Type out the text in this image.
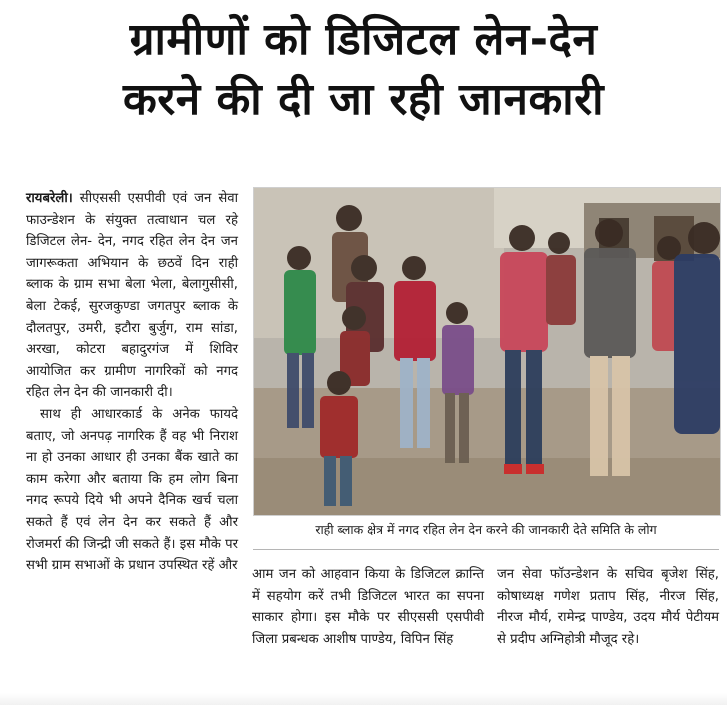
ग्रामीणों को डिजिटल लेन-देन
करने की दी जा रही जानकारी

रायबरेली। सीएससी एसपीवी एवं जन सेवा फाउन्डेशन के संयुक्त तत्वाधान चल रहे डिजिटल लेन- देन, नगद रहित लेन देन जन जागरूकता अभियान के छठवें दिन राही ब्लाक के ग्राम सभा बेला भेला, बेलागुसीसी, बेला टेकई, सुरजकुण्डा जगतपुर ब्लाक के दौलतपुर, उमरी, इटौरा बुर्जुग, राम सांडा, अरखा, कोटरा बहादुरगंज में शिविर आयोजित कर ग्रामीण नागरिकों को नगद रहित लेन देन की जानकारी दी।

साथ ही आधारकार्ड के अनेक फायदे बताए, जो अनपढ़ नागरिक हैं वह भी निराश ना हो उनका आधार ही उनका बैंक खाते का काम करेगा और बताया कि हम लोग बिना नगद रूपये दिये भी अपने दैनिक खर्च चला सकते हैं एवं लेन देन कर सकते हैं और रोजमर्रा की जिन्द्री जी सकते हैं। इस मौके पर सभी ग्राम सभाओं के प्रधान उपस्थित रहें और

राही ब्लाक क्षेत्र में नगद रहित लेन देन करने की जानकारी देते समिति के लोग

आम जन को आहवान किया के डिजिटल क्रान्ति में सहयोग करें तभी डिजिटल भारत का सपना साकार होगा। इस मौके पर सीएससी एसपीवी जिला प्रबन्धक आशीष पाण्डेय, विपिन सिंह

जन सेवा फॉउन्डेशन के सचिव बृजेश सिंह, कोषाध्यक्ष गणेश प्रताप सिंह, नीरज सिंह, नीरज मौर्य, रामेन्द्र पाण्डेय, उदय मौर्य पेटीयम से प्रदीप अग्निहोत्री मौजूद रहे।
